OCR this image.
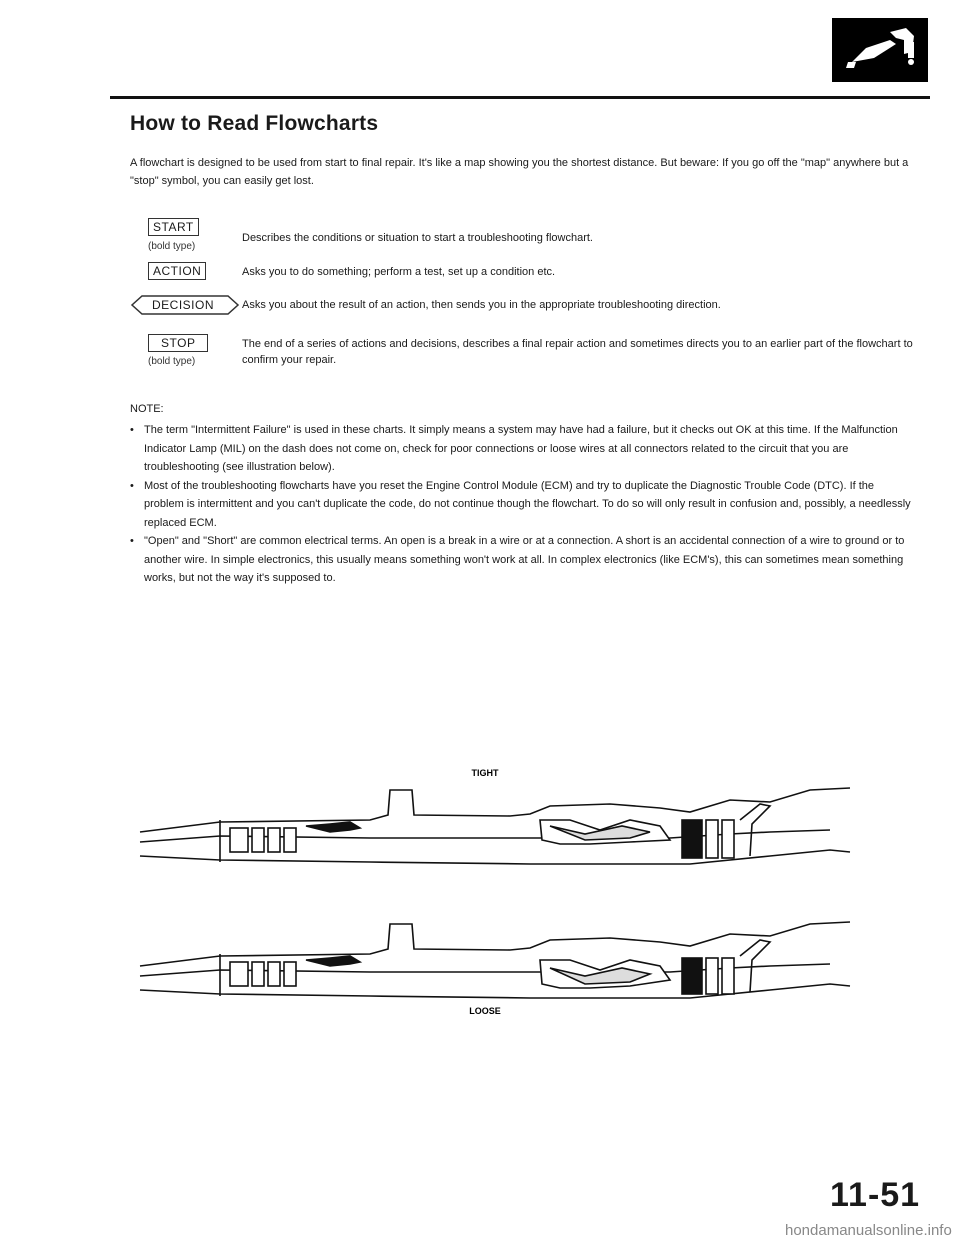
How to Read Flowcharts
A flowchart is designed to be used from start to final repair. It's like a map showing you the shortest distance. But beware: If you go off the "map" anywhere but a "stop" symbol, you can easily get lost.
START
(bold type)
Describes the conditions or situation to start a troubleshooting flowchart.
ACTION	Asks you to do something; perform a test, set up a condition etc.
DECISION	Asks you about the result of an action, then sends you in the appropriate troubleshooting direction.
STOP
(bold type)
The end of a series of actions and decisions, describes a final repair action and sometimes directs you to an earlier part of the flowchart to confirm your repair.
NOTE:
• The term "Intermittent Failure" is used in these charts. It simply means a system may have had a failure, but it checks out OK at this time. If the Malfunction Indicator Lamp (MIL) on the dash does not come on, check for poor connections or loose wires at all connectors related to the circuit that you are troubleshooting (see illustration below).
• Most of the troubleshooting flowcharts have you reset the Engine Control Module (ECM) and try to duplicate the Diagnostic Trouble Code (DTC). If the problem is intermittent and you can't duplicate the code, do not continue though the flowchart. To do so will only result in confusion and, possibly, a needlessly replaced ECM.
• "Open" and "Short" are common electrical terms. An open is a break in a wire or at a connection. A short is an accidental connection of a wire to ground or to another wire. In simple electronics, this usually means something won't work at all. In complex electronics (like ECM's), this can sometimes mean something works, but not the way it's supposed to.
TIGHT
LOOSE
11-51
hondamanualsonline.info
